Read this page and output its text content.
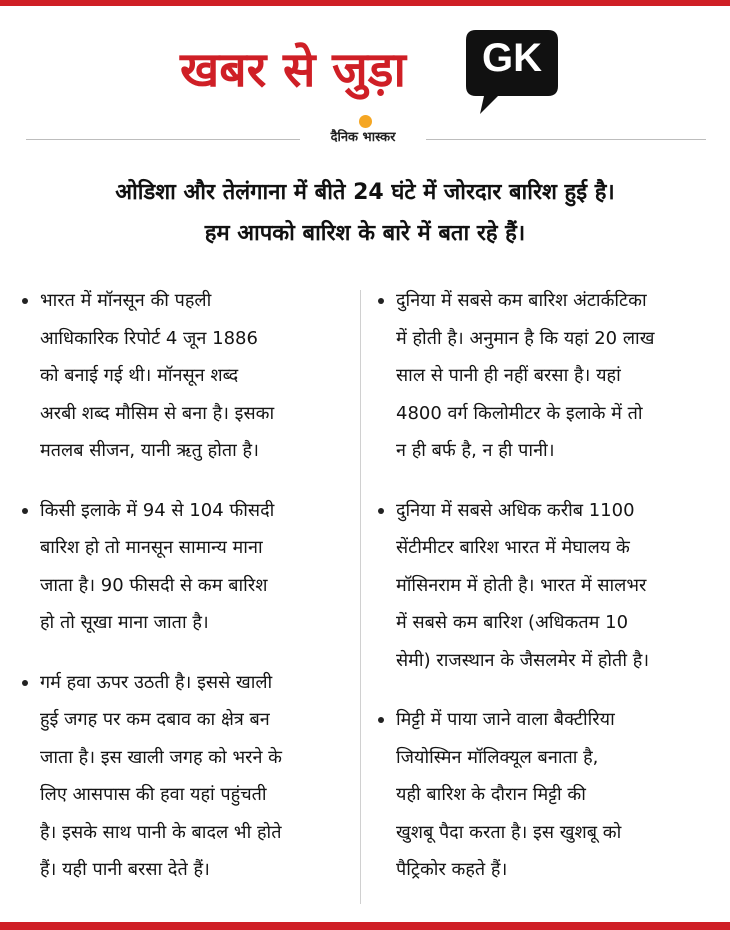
खबर से जुड़ा	GK
दैनिक भास्कर
ओडिशा और तेलंगाना में बीते 24 घंटे में जोरदार बारिश हुई है।
हम आपको बारिश के बारे में बता रहे हैं।
भारत में मॉनसून की पहली
आधिकारिक रिपोर्ट 4 जून 1886
को बनाई गई थी। मॉनसून शब्द
अरबी शब्द मौसिम से बना है। इसका
मतलब सीजन, यानी ऋतु होता है।
किसी इलाके में 94 से 104 फीसदी
बारिश हो तो मानसून सामान्य माना
जाता है। 90 फीसदी से कम बारिश
हो तो सूखा माना जाता है।
गर्म हवा ऊपर उठती है। इससे खाली
हुई जगह पर कम दबाव का क्षेत्र बन
जाता है। इस खाली जगह को भरने के
लिए आसपास की हवा यहां पहुंचती
है। इसके साथ पानी के बादल भी होते
हैं। यही पानी बरसा देते हैं।
दुनिया में सबसे कम बारिश अंटार्कटिका
में होती है। अनुमान है कि यहां 20 लाख
साल से पानी ही नहीं बरसा है। यहां
4800 वर्ग किलोमीटर के इलाके में तो
न ही बर्फ है, न ही पानी।
दुनिया में सबसे अधिक करीब 1100
सेंटीमीटर बारिश भारत में मेघालय के
मॉसिनराम में होती है। भारत में सालभर
में सबसे कम बारिश (अधिकतम 10
सेमी) राजस्थान के जैसलमेर में होती है।
मिट्टी में पाया जाने वाला बैक्टीरिया
जियोस्मिन मॉलिक्यूल बनाता है,
यही बारिश के दौरान मिट्टी की
खुशबू पैदा करता है। इस खुशबू को
पैट्रिकोर कहते हैं।
